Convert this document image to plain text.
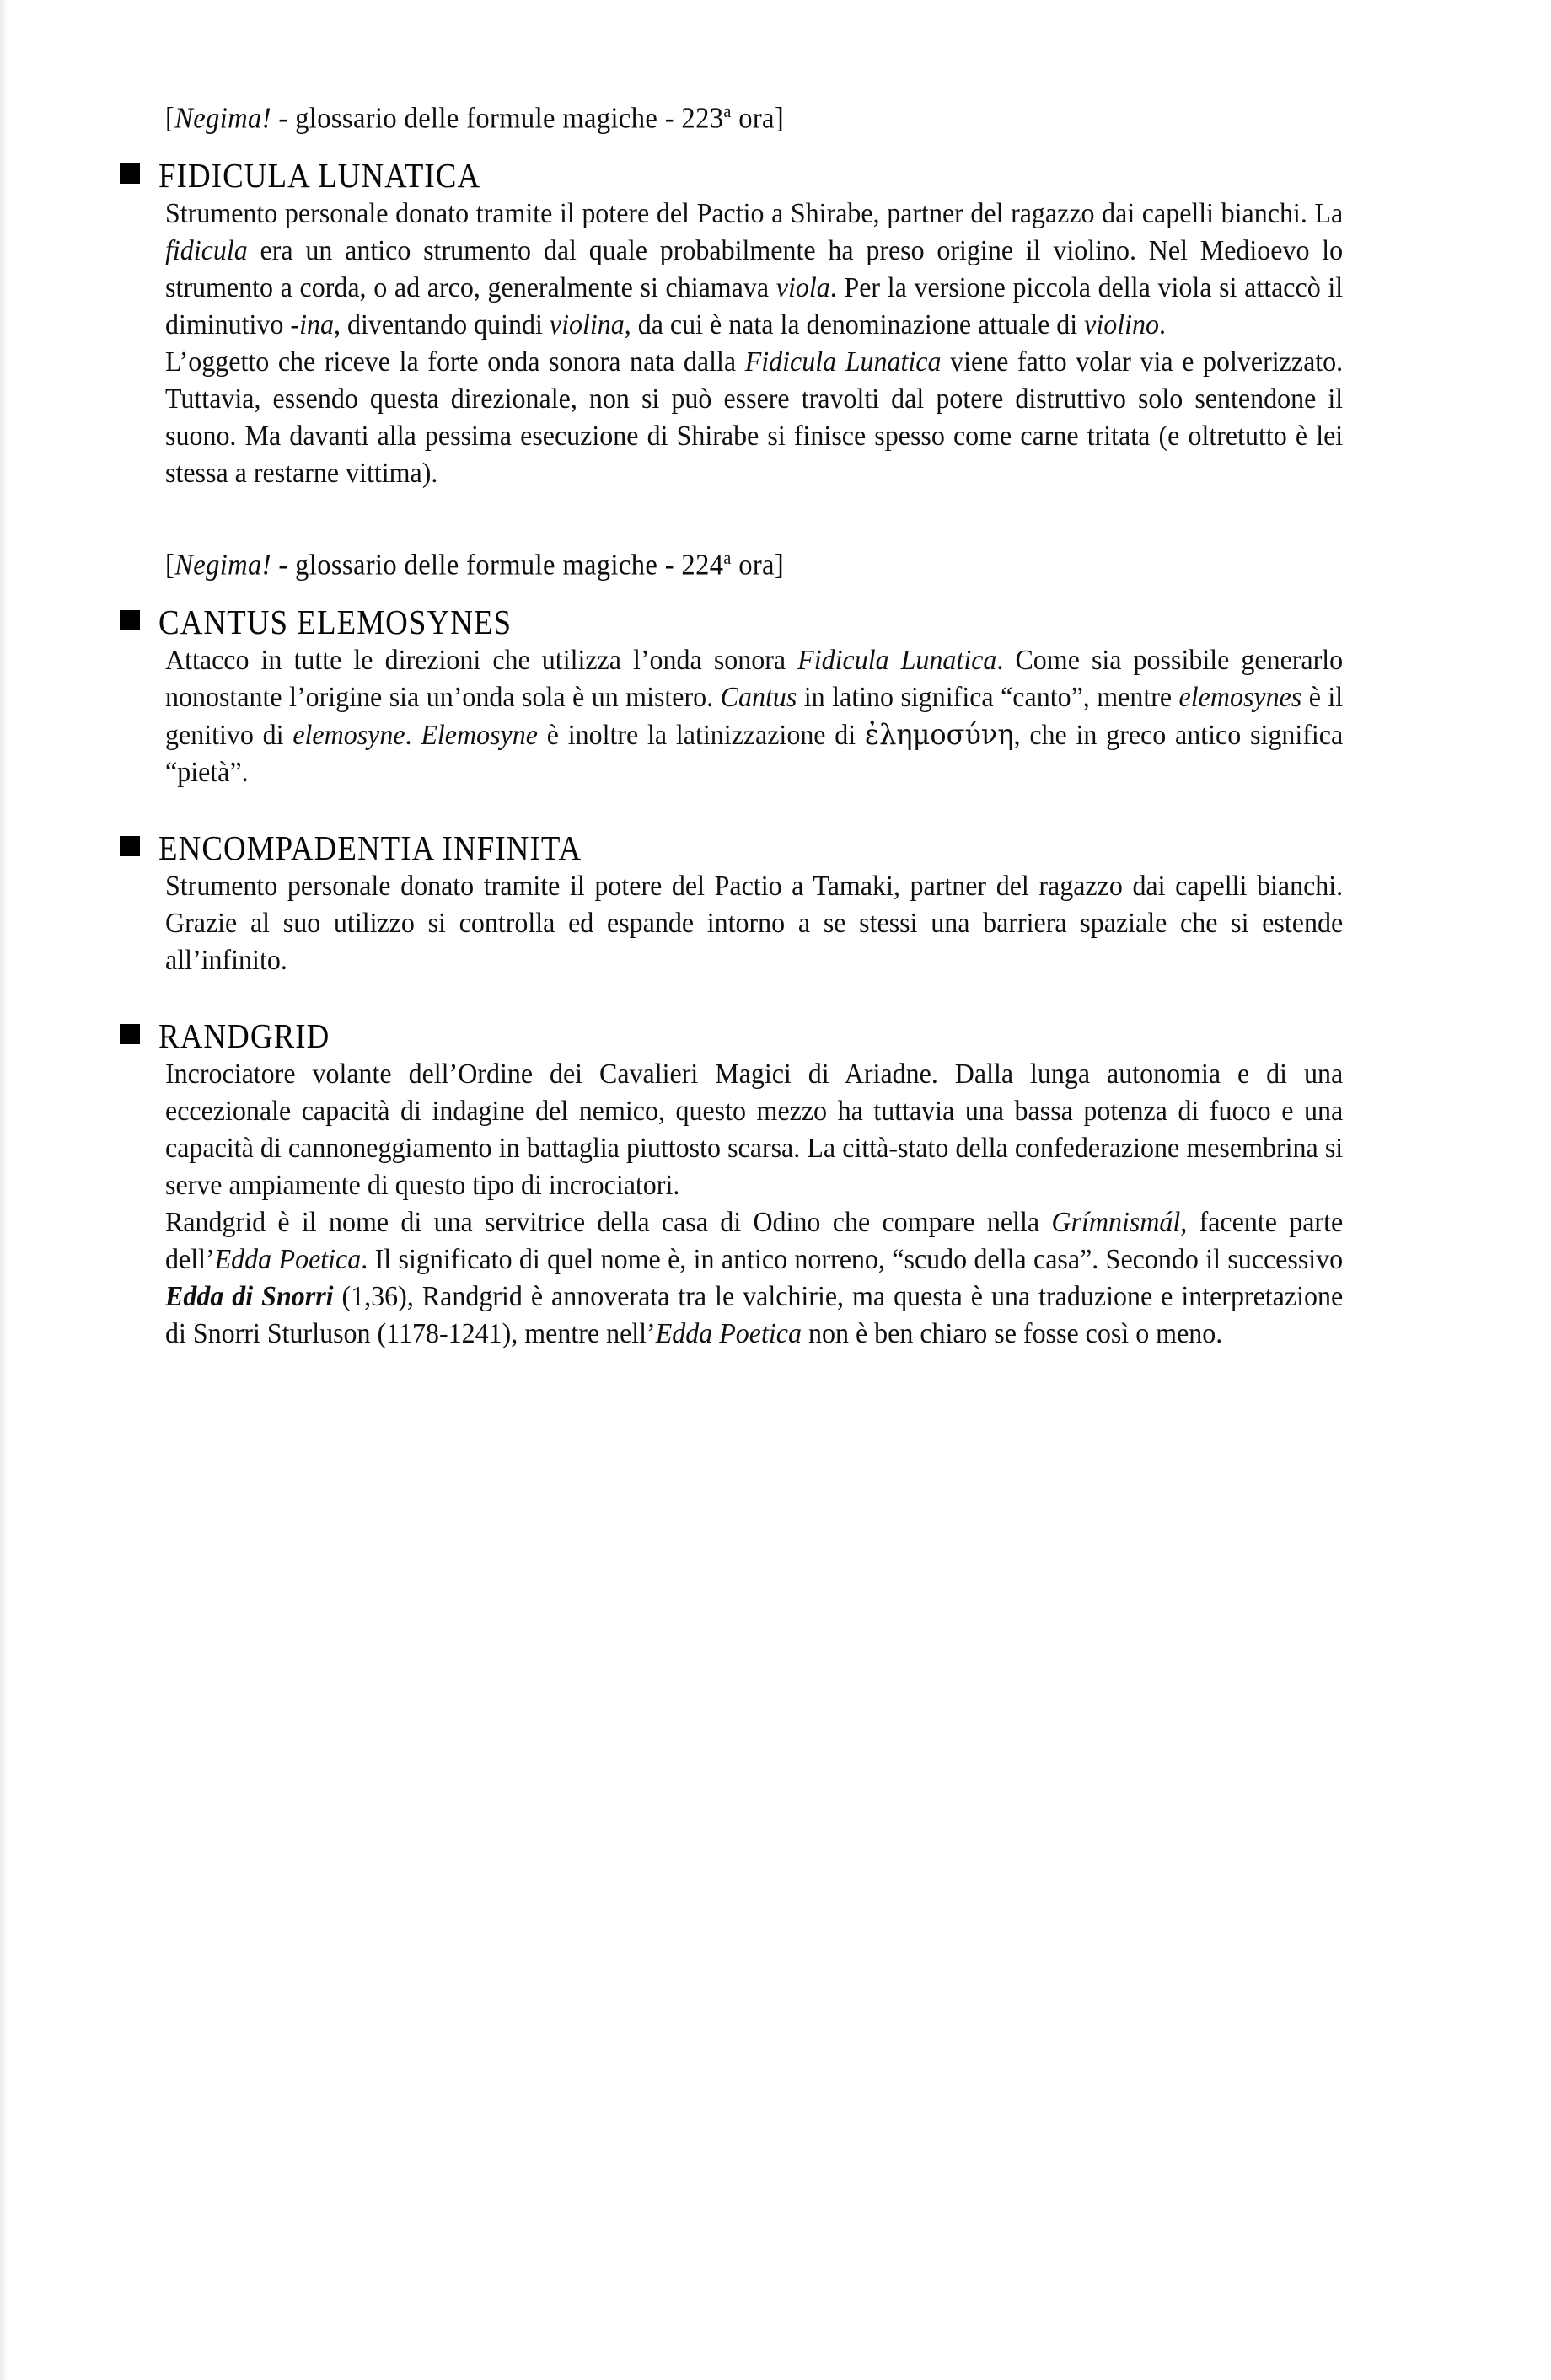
[Negima! - glossario delle formule magiche - 223$^a$ ora]

FIDICULA LUNATICA

Strumento personale donato tramite il potere del Pactio a Shirabe, partner del ragazzo dai capelli bianchi. La fidicula era un antico strumento dal quale probabilmente ha preso origine il violino. Nel Medioevo lo strumento a corda, o ad arco, generalmente si chiamava viola. Per la versione piccola della viola si attaccò il diminutivo -ina, diventando quindi violina, da cui è nata la denominazione attuale di violino.

L’oggetto che riceve la forte onda sonora nata dalla Fidicula Lunatica viene fatto volar via e polverizzato. Tuttavia, essendo questa direzionale, non si può essere travolti dal potere distruttivo solo sentendone il suono. Ma davanti alla pessima esecuzione di Shirabe si finisce spesso come carne tritata (e oltretutto è lei stessa a restarne vittima).

[Negima! - glossario delle formule magiche - 224$^a$ ora]

CANTUS ELEMOSYNES

Attacco in tutte le direzioni che utilizza l’onda sonora Fidicula Lunatica. Come sia possibile generarlo nonostante l’origine sia un’onda sola è un mistero. Cantus in latino significa “canto”, mentre elemosynes è il genitivo di elemosyne. Elemosyne è inoltre la latinizzazione di ἐλημοσύνη, che in greco antico significa “pietà”.

ENCOMPADENTIA INFINITA

Strumento personale donato tramite il potere del Pactio a Tamaki, partner del ragazzo dai capelli bianchi. Grazie al suo utilizzo si controlla ed espande intorno a se stessi una barriera spaziale che si estende all’infinito.

RANDGRID

Incrociatore volante dell’Ordine dei Cavalieri Magici di Ariadne. Dalla lunga autonomia e di una eccezionale capacità di indagine del nemico, questo mezzo ha tuttavia una bassa potenza di fuoco e una capacità di cannoneggiamento in battaglia piuttosto scarsa. La città-stato della confederazione mesembrina si serve ampiamente di questo tipo di incrociatori.

Randgrid è il nome di una servitrice della casa di Odino che compare nella Grímnismál, facente parte dell’Edda Poetica. Il significato di quel nome è, in antico norreno, “scudo della casa”. Secondo il successivo Edda di Snorri (1,36), Randgrid è annoverata tra le valchirie, ma questa è una traduzione e interpretazione di Snorri Sturluson (1178-1241), mentre nell’Edda Poetica non è ben chiaro se fosse così o meno.
